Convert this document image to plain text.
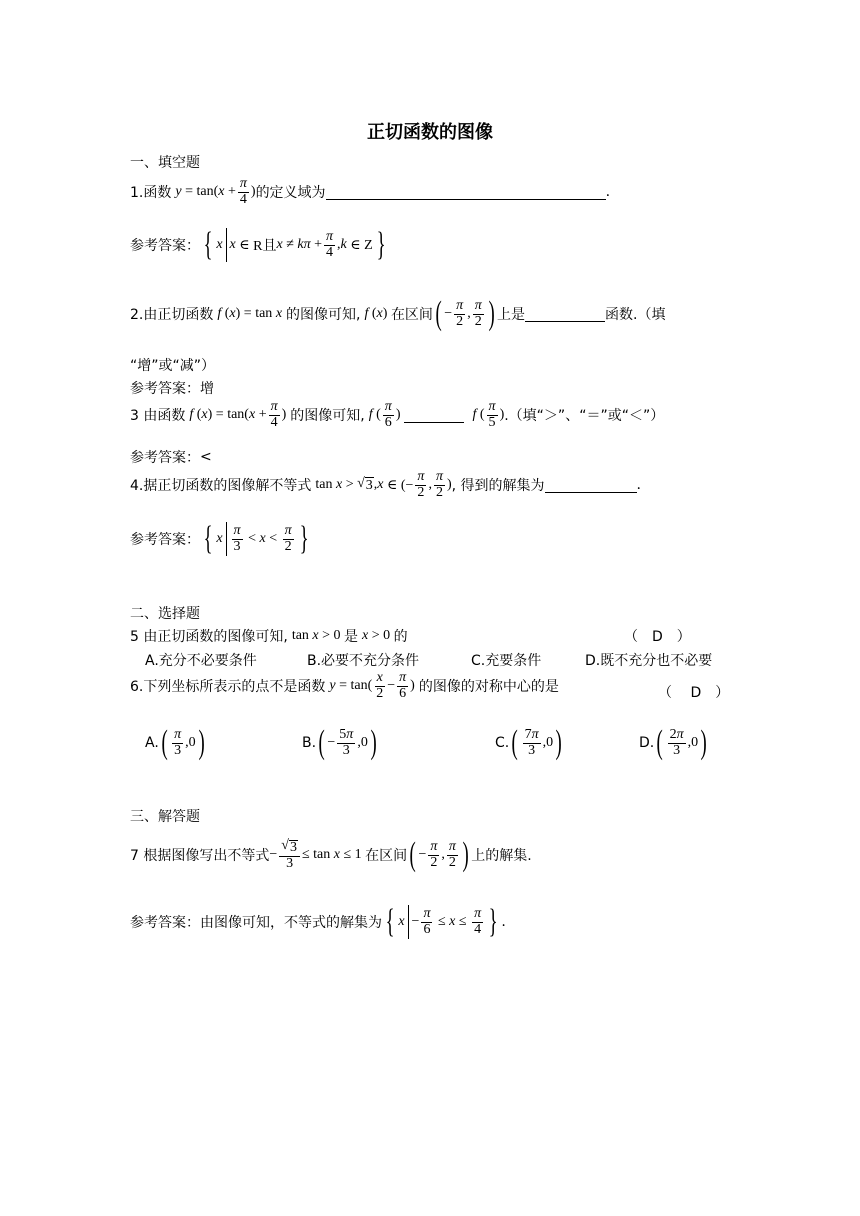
正切函数的图像
一、填空题
1.函数 y = tan( $x + \frac{\pi}{4}$ ) 的定义域为	.
参考答案： { x x ∈ R且 $x \ne k\pi + \frac{\pi}{4}$ , k ∈ Z }
2.由正切函数 f ( x ) = tan x 的图像可知, f ( x ) 在区间 ( − $\frac{\pi}{2}$ , $\frac{\pi}{2}$ ) 上是	函数.（填
“增”或“减”）
参考答案： 增
3 由函数 f ( x ) = tan( $x + \frac{\pi}{4}$ ) 的图像可知, f ( $\frac{\pi}{6}$ )	f ( $\frac{\pi}{5}$ ) .（填“＞”、“＝”或“＜”）
参考答案： <
4.据正切函数的图像解不等式 tan x > √ 3 , x ∈ (− $\frac{\pi}{2}$ , $\frac{\pi}{2}$ ) , 得到的解集为	.
参考答案： { x $\frac{\pi}{3} < x < \frac{\pi}{2}$ }
二、选择题
5 由正切函数的图像可知, tan x > 0 是 x > 0 的	（　D　）
A.充分不必要条件	B.必要不充分条件	C.充要条件	D.既不充分也不必要
6.下列坐标所表示的点不是函数 $y = \tan( \frac{x}{2} - \frac{\pi}{6}$ ) 的图像的对称中心的是	（　 D　）
A. ( $\frac{\pi}{3} ,0$ )	B. ( − $\frac{5\pi}{3} ,0$ )	C. ( $\frac{7\pi}{3} ,0$ )	D. ( $\frac{2\pi}{3} ,0$ )
三、解答题
7 根据图像写出不等式 − $\frac{√ 3}{3} \le \tan x \le 1$ 在区间 ( − $\frac{\pi}{2}$ , $\frac{\pi}{2}$ ) 上的解集.
参考答案：由图像可知，不等式的解集为 { $x - \frac{\pi}{6} \le x \le \frac{\pi}{4}$ } .
